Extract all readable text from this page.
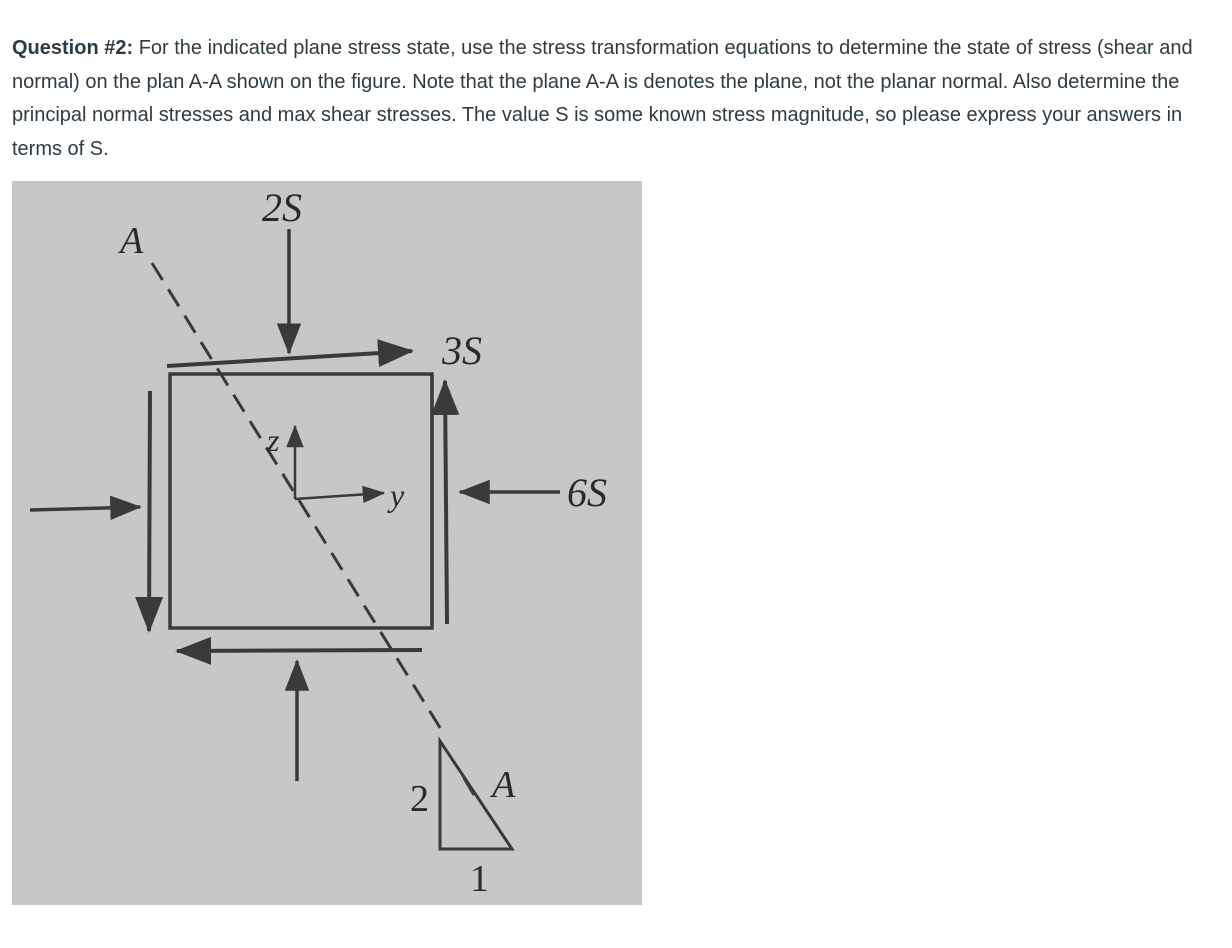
Question #2: For the indicated plane stress state, use the stress transformation equations to determine the state of stress (shear and normal) on the plan A-A shown on the figure. Note that the plane A-A is denotes the plane, not the planar normal. Also determine the principal normal stresses and max shear stresses. The value S is some known stress magnitude, so please express your answers in terms of S.

2S
A
3S
z
y	6S
A
2
1
